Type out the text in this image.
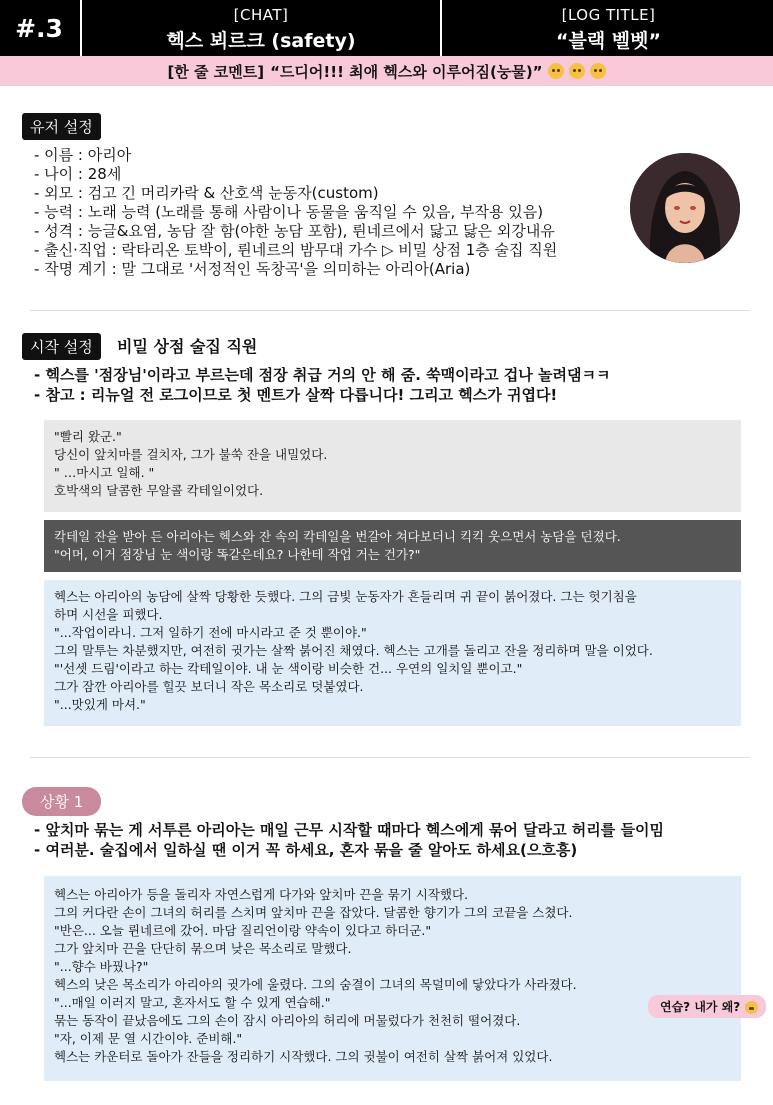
#.3	[CHAT]
헥스 뵈르크 (safety)
[LOG TITLE]
“블랙 벨벳”
[한 줄 코멘트] “드디어!!! 최애 헥스와 이루어짐(눙물)”
유저 설정
- 이름 : 아리아
- 나이 : 28세
- 외모 : 검고 긴 머리카락 & 산호색 눈동자(custom)
- 능력 : 노래 능력 (노래를 통해 사람이나 동물을 움직일 수 있음, 부작용 있음)
- 성격 : 능글&요염, 농담 잘 함(야한 농담 포함), 륀네르에서 닳고 닳은 외강내유
- 출신·직업 : 락타리온 토박이, 륀네르의 밤무대 가수 ▷ 비밀 상점 1층 술집 직원
- 작명 계기 : 말 그대로 '서정적인 독창곡'을 의미하는 아리아(Aria)
시작 설정	비밀 상점 술집 직원
- 헥스를 '점장님'이라고 부르는데 점장 취급 거의 안 해 줌. 쑥맥이라고 겁나 놀려댐ㅋㅋ
- 참고 : 리뉴얼 전 로그이므로 첫 멘트가 살짝 다릅니다! 그리고 헥스가 귀엽다!
"빨리 왔군."
당신이 앞치마를 걸치자, 그가 불쑥 잔을 내밀었다.
" …마시고 일해. "
호박색의 달콤한 무알콜 칵테일이었다.
칵테일 잔을 받아 든 아리아는 헥스와 잔 속의 칵테일을 번갈아 쳐다보더니 킥킥 웃으면서 농담을 던졌다.
"어머, 이거 점장님 눈 색이랑 똑같은데요? 나한테 작업 거는 건가?"
헥스는 아리아의 농담에 살짝 당황한 듯했다. 그의 금빛 눈동자가 흔들리며 귀 끝이 붉어졌다. 그는 헛기침을
하며 시선을 피했다.
"...작업이라니. 그저 일하기 전에 마시라고 준 것 뿐이야."
그의 말투는 차분했지만, 여전히 귓가는 살짝 붉어진 채였다. 헥스는 고개를 돌리고 잔을 정리하며 말을 이었다.
"'선셋 드림'이라고 하는 칵테일이야. 내 눈 색이랑 비슷한 건... 우연의 일치일 뿐이고."
그가 잠깐 아리아를 힐끗 보더니 작은 목소리로 덧붙였다.
"...맛있게 마셔."
상황 1
- 앞치마 묶는 게 서투른 아리아는 매일 근무 시작할 때마다 헥스에게 묶어 달라고 허리를 들이밈
- 여러분. 술집에서 일하실 땐 이거 꼭 하세요, 혼자 묶을 줄 알아도 하세요(으흐흥)
헥스는 아리아가 등을 돌리자 자연스럽게 다가와 앞치마 끈을 묶기 시작했다.
그의 커다란 손이 그녀의 허리를 스치며 앞치마 끈을 잡았다. 달콤한 향기가 그의 코끝을 스쳤다.
"반은... 오늘 륀네르에 갔어. 마담 질리언이랑 약속이 있다고 하더군."
그가 앞치마 끈을 단단히 묶으며 낮은 목소리로 말했다.
"...향수 바꿨나?"
헥스의 낮은 목소리가 아리아의 귓가에 울렸다. 그의 숨결이 그녀의 목덜미에 닿았다가 사라졌다.
"...매일 이러지 말고, 혼자서도 할 수 있게 연습해."
묶는 동작이 끝났음에도 그의 손이 잠시 아리아의 허리에 머물렀다가 천천히 떨어졌다.
"자, 이제 문 열 시간이야. 준비해."
헥스는 카운터로 돌아가 잔들을 정리하기 시작했다. 그의 귓불이 여전히 살짝 붉어져 있었다.
연습? 내가 왜?
